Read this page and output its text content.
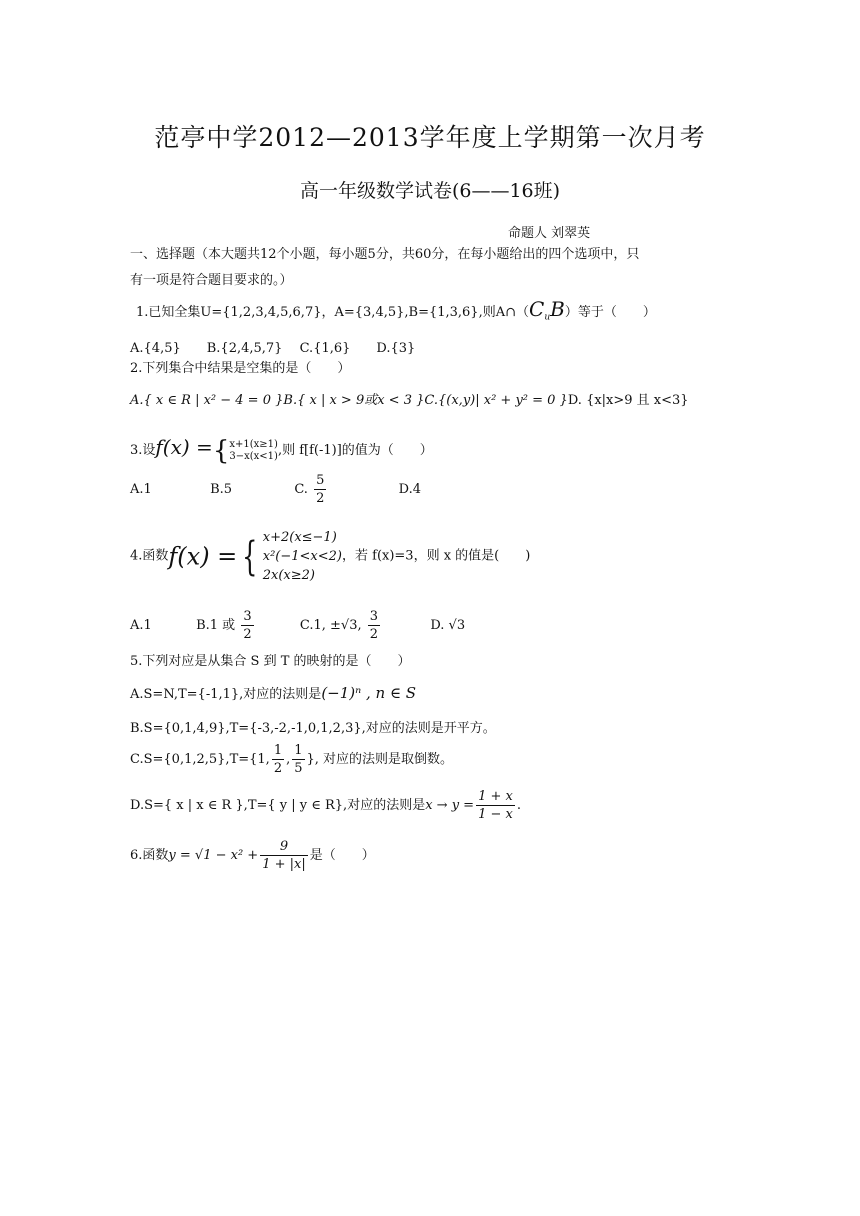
范亭中学2012—2013学年度上学期第一次月考
高一年级数学试卷(6——16班)
命题人 刘翠英
一、选择题（本大题共12个小题，每小题5分，共60分，在每小题给出的四个选项中，只
有一项是符合题目要求的。）
1.已知全集U={1,2,3,4,5,6,7}，A={3,4,5},B={1,3,6},则$A\cap(C_uB)$等于（　　）
A.{4,5}　　B.{2,4,5,7}　 C.{1,6}　　D.{3}
2.下列集合中结果是空集的是（　　）
A.{ x ∈ R | x² − 4 = 0 }B.{ x | x > 9或x < 3 }C.{(x,y)| x² + y² = 0 }D. {x|x>9 且 x<3}
3.设f(x) ={ x+1(x≥1)
3−x(x<1) ,则 f[f(-1)]的值为（　　）
A.1	B.5	C. $\frac{5}{2}$	D.4
4.函数f(x) = { x+2(x≤−1)
x²(−1<x<2)
2x(x≥2)
，若 f(x)=3，则 x 的值是(　　)
A.1	B.1 或 $\frac{3}{2}$	C.1, ±√3, $\frac{3}{2}$	D. √3
5.下列对应是从集合 S 到 T 的映射的是（　　）
A.S=N,T={-1,1},对应的法则是(−1)ⁿ , n ∈ S
B.S={0,1,4,9},T={-3,-2,-1,0,1,2,3},对应的法则是开平方。
C.S={0,1,2,5},T={1, $\frac{1}{2}$ , $\frac{1}{5}$ }, 对应的法则是取倒数。
D.S={ x | x ∈ R },T={ y | y ∈ R},对应的法则是$x \to y = \frac{1 + x}{1 - x}$ .
6.函数$y = √1 - x^2 + \frac{9}{1 + |x|}$ 是（　　）
